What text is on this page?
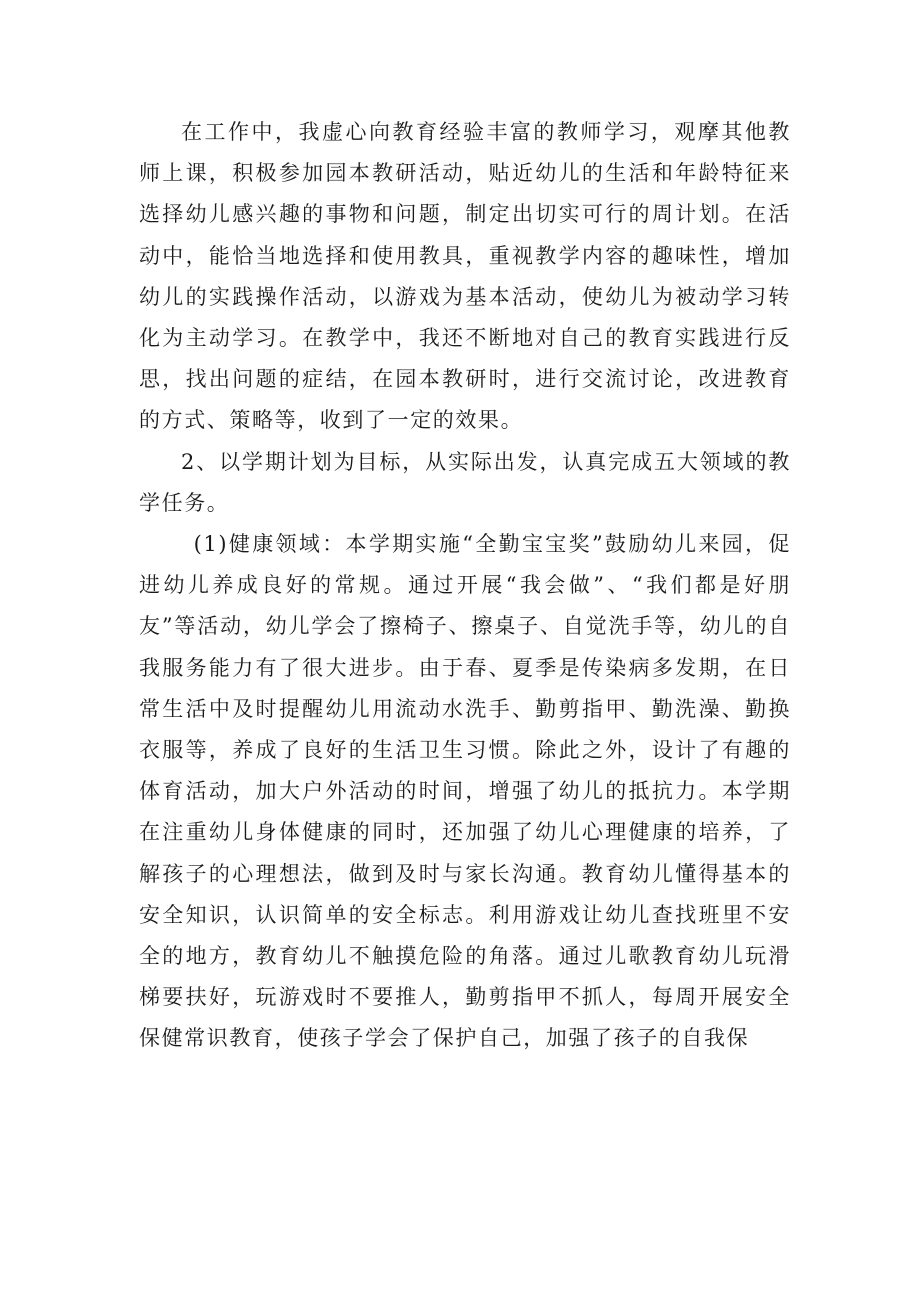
在工作中，我虚心向教育经验丰富的教师学习，观摩其他教师上课，积极参加园本教研活动，贴近幼儿的生活和年龄特征来选择幼儿感兴趣的事物和问题，制定出切实可行的周计划。在活动中，能恰当地选择和使用教具，重视教学内容的趣味性，增加幼儿的实践操作活动，以游戏为基本活动，使幼儿为被动学习转化为主动学习。在教学中，我还不断地对自己的教育实践进行反思，找出问题的症结，在园本教研时，进行交流讨论，改进教育的方式、策略等，收到了一定的效果。

2、以学期计划为目标，从实际出发，认真完成五大领域的教学任务。

(1)健康领域：本学期实施“全勤宝宝奖”鼓励幼儿来园，促进幼儿养成良好的常规。通过开展“我会做”、“我们都是好朋友”等活动，幼儿学会了擦椅子、擦桌子、自觉洗手等，幼儿的自我服务能力有了很大进步。由于春、夏季是传染病多发期，在日常生活中及时提醒幼儿用流动水洗手、勤剪指甲、勤洗澡、勤换衣服等，养成了良好的生活卫生习惯。除此之外，设计了有趣的体育活动，加大户外活动的时间，增强了幼儿的抵抗力。本学期在注重幼儿身体健康的同时，还加强了幼儿心理健康的培养，了解孩子的心理想法，做到及时与家长沟通。教育幼儿懂得基本的安全知识，认识简单的安全标志。利用游戏让幼儿查找班里不安全的地方，教育幼儿不触摸危险的角落。通过儿歌教育幼儿玩滑梯要扶好，玩游戏时不要推人，勤剪指甲不抓人，每周开展安全保健常识教育，使孩子学会了保护自己，加强了孩子的自我保
